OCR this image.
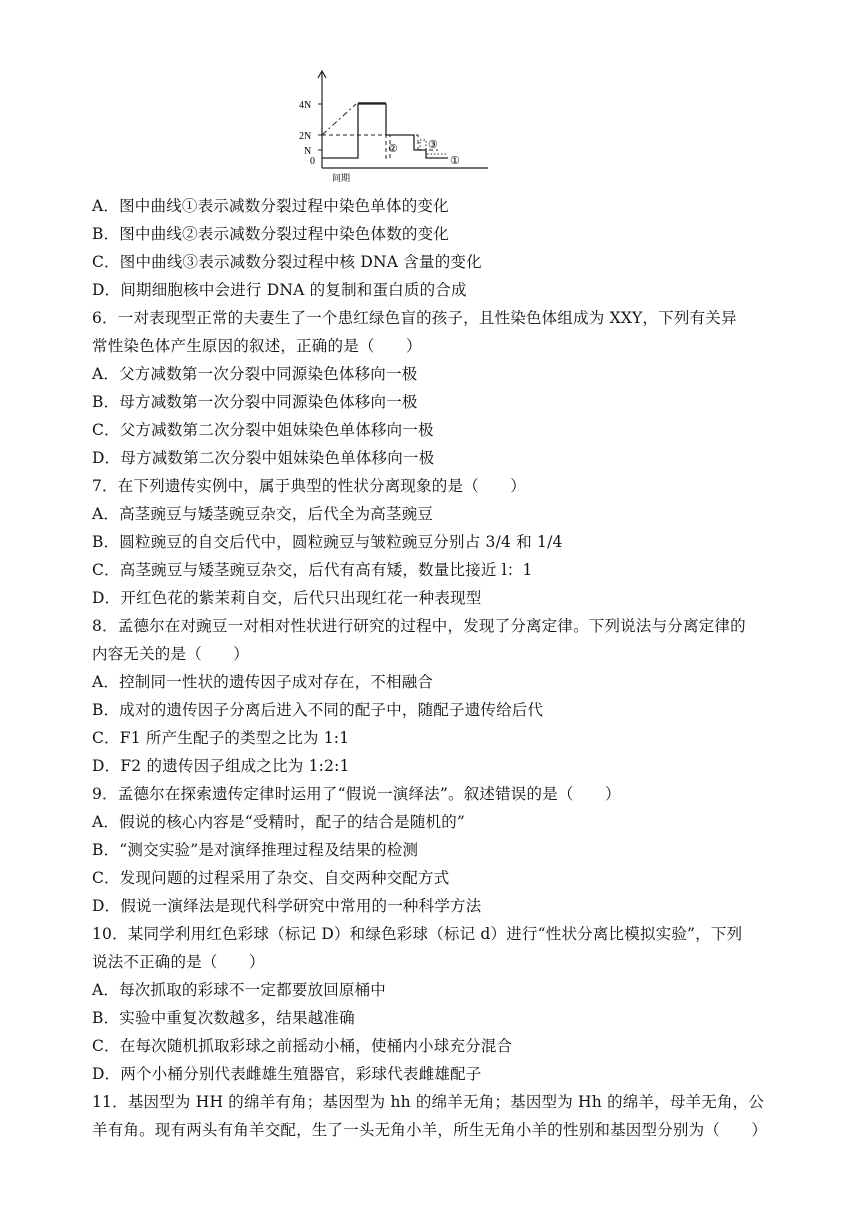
4N
2N
N
0
间期
②	③
①
A．图中曲线①表示减数分裂过程中染色单体的变化
B．图中曲线②表示减数分裂过程中染色体数的变化
C．图中曲线③表示减数分裂过程中核 DNA 含量的变化
D．间期细胞核中会进行 DNA 的复制和蛋白质的合成
6．一对表现型正常的夫妻生了一个患红绿色盲的孩子，且性染色体组成为 XXY，下列有关异
常性染色体产生原因的叙述，正确的是（　　）
A．父方减数第一次分裂中同源染色体移向一极
B．母方减数第一次分裂中同源染色体移向一极
C．父方减数第二次分裂中姐妹染色单体移向一极
D．母方减数第二次分裂中姐妹染色单体移向一极
7．在下列遗传实例中，属于典型的性状分离现象的是（　　）
A．高茎豌豆与矮茎豌豆杂交，后代全为高茎豌豆
B．圆粒豌豆的自交后代中，圆粒豌豆与皱粒豌豆分别占 3/4 和 1/4
C．高茎豌豆与矮茎豌豆杂交，后代有高有矮，数量比接近 l：1
D．开红色花的紫茉莉自交，后代只出现红花一种表现型
8．孟德尔在对豌豆一对相对性状进行研究的过程中，发现了分离定律。下列说法与分离定律的
内容无关的是（　　）
A．控制同一性状的遗传因子成对存在，不相融合
B．成对的遗传因子分离后进入不同的配子中，随配子遗传给后代
C．F1 所产生配子的类型之比为 1:1
D．F2 的遗传因子组成之比为 1:2:1
9．孟德尔在探索遗传定律时运用了“假说一演绎法”。叙述错误的是（　　）
A．假说的核心内容是“受精时，配子的结合是随机的”
B．“测交实验”是对演绎推理过程及结果的检测
C．发现问题的过程采用了杂交、自交两种交配方式
D．假说一演绎法是现代科学研究中常用的一种科学方法
10．某同学利用红色彩球（标记 D）和绿色彩球（标记 d）进行“性状分离比模拟实验”，下列
说法不正确的是（　　）
A．每次抓取的彩球不一定都要放回原桶中
B．实验中重复次数越多，结果越准确
C．在每次随机抓取彩球之前摇动小桶，使桶内小球充分混合
D．两个小桶分别代表雌雄生殖器官，彩球代表雌雄配子
11．基因型为 HH 的绵羊有角；基因型为 hh 的绵羊无角；基因型为 Hh 的绵羊，母羊无角，公
羊有角。现有两头有角羊交配，生了一头无角小羊，所生无角小羊的性别和基因型分别为（　　）
